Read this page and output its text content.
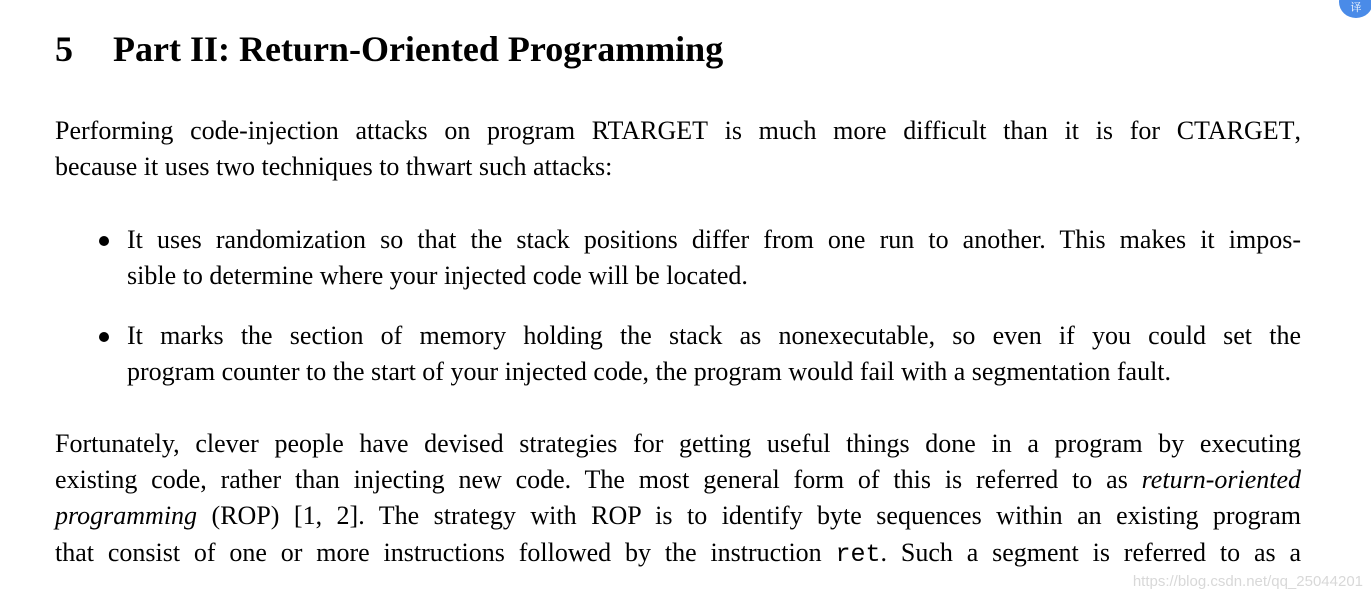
5 Part II: Return-Oriented Programming

Performing code-injection attacks on program RTARGET is much more difficult than it is for CTARGET,
because it uses two techniques to thwart such attacks:

It uses randomization so that the stack positions differ from one run to another. This makes it impos-
sible to determine where your injected code will be located.
It marks the section of memory holding the stack as nonexecutable, so even if you could set the
program counter to the start of your injected code, the program would fail with a segmentation fault.

Fortunately, clever people have devised strategies for getting useful things done in a program by executing
existing code, rather than injecting new code. The most general form of this is referred to as return-oriented
programming (ROP) [1, 2]. The strategy with ROP is to identify byte sequences within an existing program
that consist of one or more instructions followed by the instruction ret. Such a segment is referred to as a

译
https://blog.csdn.net/qq_25044201
